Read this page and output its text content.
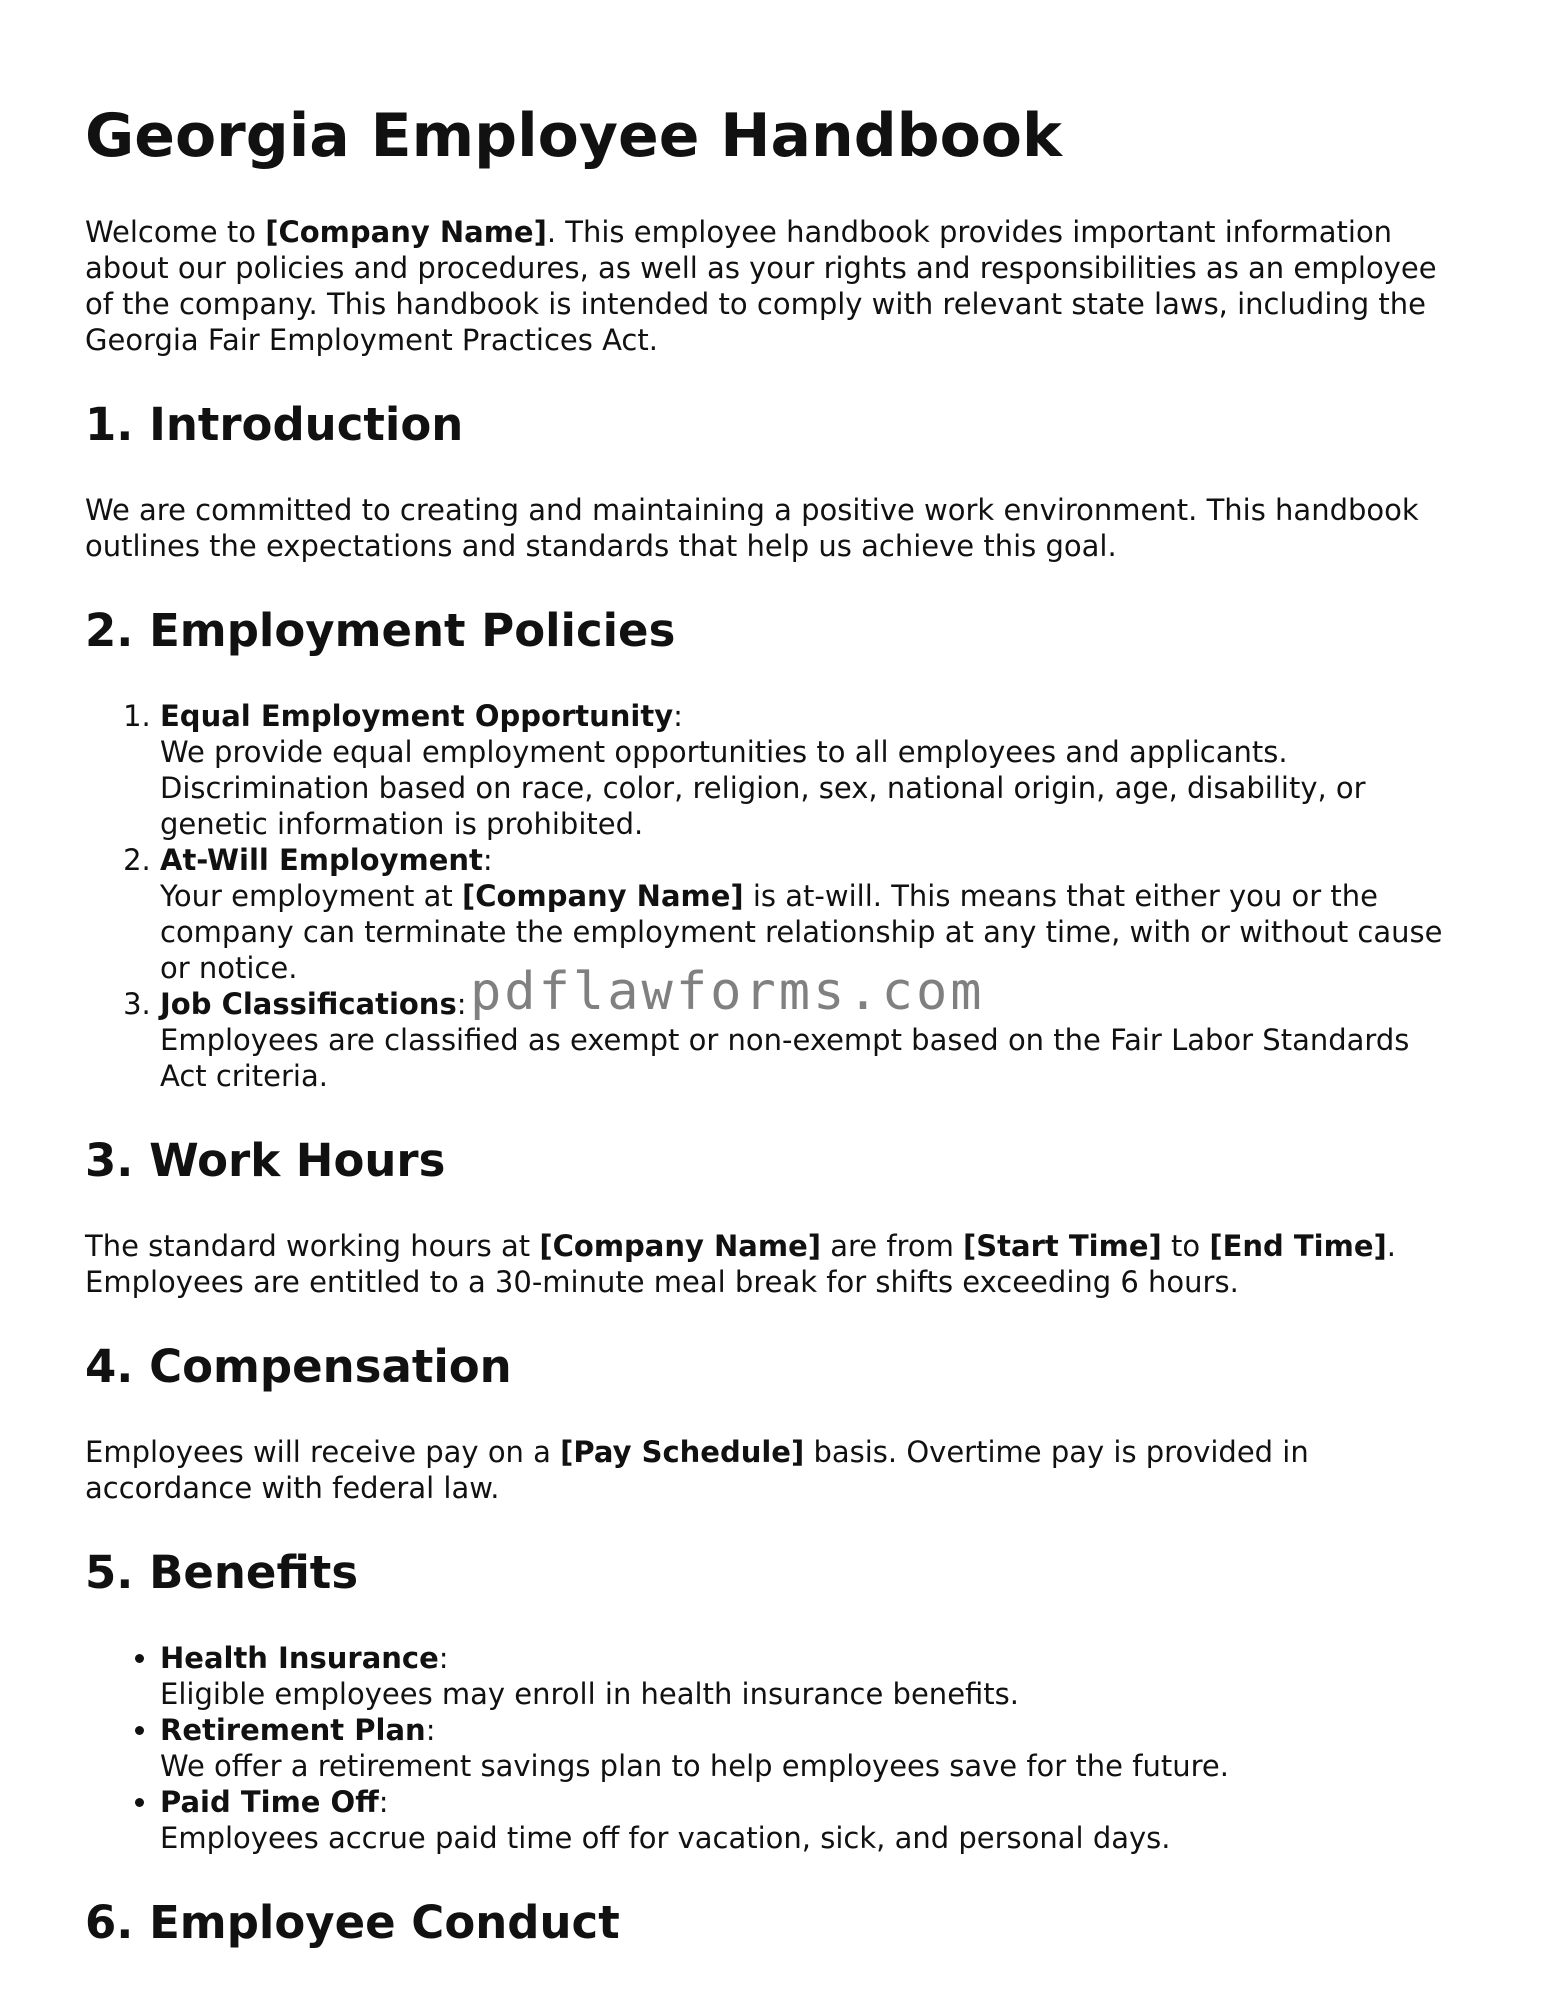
Georgia Employee Handbook

Welcome to [Company Name]. This employee handbook provides important information about our policies and procedures, as well as your rights and responsibilities as an employee of the company. This handbook is intended to comply with relevant state laws, including the Georgia Fair Employment Practices Act.

1. Introduction

We are committed to creating and maintaining a positive work environment. This handbook outlines the expectations and standards that help us achieve this goal.

2. Employment Policies
1. Equal Employment Opportunity:
We provide equal employment opportunities to all employees and applicants. Discrimination based on race, color, religion, sex, national origin, age, disability, or genetic information is prohibited.
2. At-Will Employment:
Your employment at [Company Name] is at-will. This means that either you or the company can terminate the employment relationship at any time, with or without cause or notice.
3. Job Classifications:
Employees are classified as exempt or non-exempt based on the Fair Labor Standards Act criteria.
3. Work Hours

The standard working hours at [Company Name] are from [Start Time] to [End Time]. Employees are entitled to a 30-minute meal break for shifts exceeding 6 hours.

4. Compensation

Employees will receive pay on a [Pay Schedule] basis. Overtime pay is provided in accordance with federal law.

5. Benefits
• Health Insurance:
Eligible employees may enroll in health insurance benefits.
• Retirement Plan:
We offer a retirement savings plan to help employees save for the future.
• Paid Time Off:
Employees accrue paid time off for vacation, sick, and personal days.
6. Employee Conduct
pdflawforms.com
